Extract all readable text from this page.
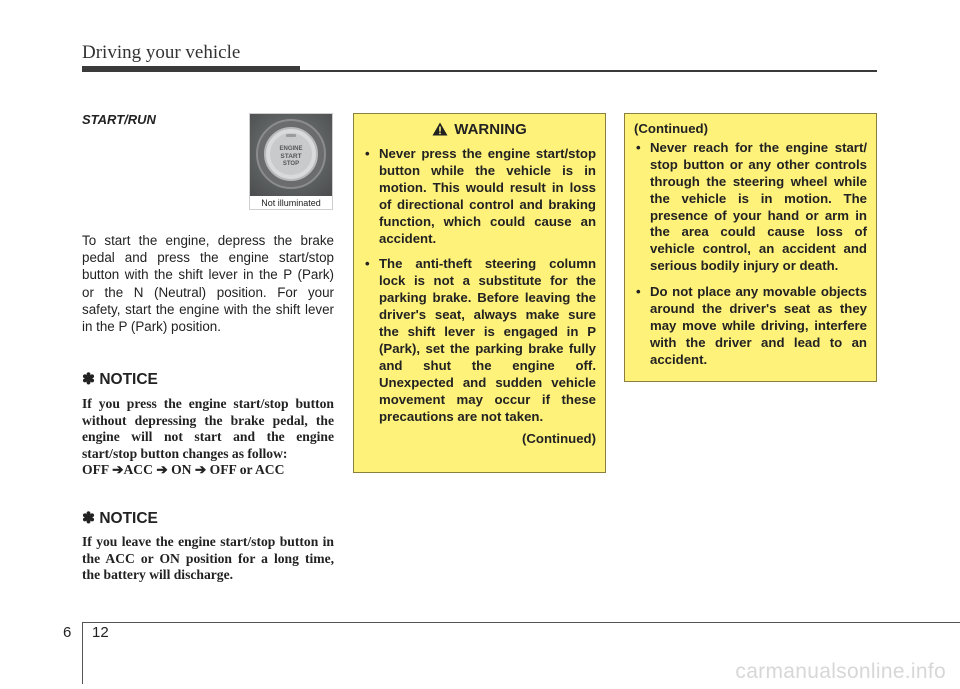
Driving your vehicle
START/RUN
ENGINE
START
STOP
Not illuminated
To start the engine, depress the brake pedal and press the engine start/stop button with the shift lever in the P (Park) or the N (Neutral) position. For your safety, start the engine with the shift lever in the P (Park) position.
✽ NOTICE
If you press the engine start/stop button without depressing the brake pedal, the engine will not start and the engine start/stop button changes as follow:
OFF ➔ACC ➔ ON ➔ OFF or ACC
✽ NOTICE
If you leave the engine start/stop button in the ACC or ON position for a long time, the battery will discharge.
WARNING
• Never press the engine start/stop button while the vehicle is in motion. This would result in loss of directional control and braking function, which could cause an accident.
• The anti-theft steering column lock is not a substitute for the parking brake. Before leaving the driver's seat, always make sure the shift lever is engaged in P (Park), set the parking brake fully and shut the engine off. Unexpected and sudden vehicle movement may occur if these precautions are not taken.
(Continued)
(Continued)
• Never reach for the engine start/ stop button or any other controls through the steering wheel while the vehicle is in motion. The presence of your hand or arm in the area could cause loss of vehicle control, an accident and serious bodily injury or death.
• Do not place any movable objects around the driver's seat as they may move while driving, interfere with the driver and lead to an accident.
6 12
carmanualsonline.info
